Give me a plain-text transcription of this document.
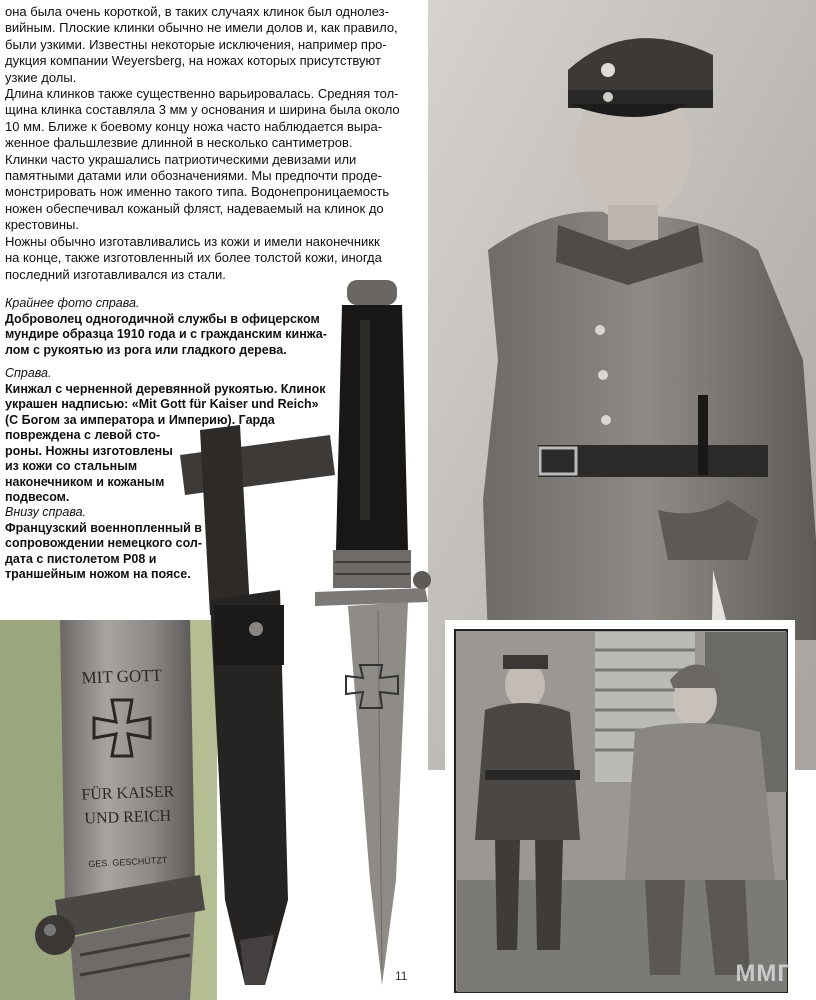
она была очень короткой, в таких случаях клинок был однолез-
вийным. Плоские клинки обычно не имели долов и, как правило,
были узкими. Известны некоторые исключения, например про-
дукция компании Weyersberg, на ножах которых присутствуют
узкие долы.

Длина клинков также существенно варьировалась. Средняя тол-
щина клинка составляла 3 мм у основания и ширина была около
10 мм. Ближе к боевому концу ножа часто наблюдается выра-
женное фальшлезвие длинной в несколько сантиметров.

Клинки часто украшались патриотическими девизами или
памятными датами или обозначениями. Мы предпочти проде-
монстрировать нож именно такого типа. Водонепроницаемость
ножен обеспечивал кожаный фляст, надеваемый на клинок до
крестовины.

Ножны обычно изготавливались из кожи и имели наконечникк
на конце, также изготовленный их более толстой кожи, иногда
последний изготавливался из стали.

Крайнее фото справа.
Доброволец одногодичной службы в офицерском
мундире образца 1910 года и с гражданским кинжа-
лом с рукоятью из рога или гладкого дерева.
Справа.
Кинжал с черненной деревянной рукоятью. Клинок
украшен надписью: «Mit Gott für Kaiser und Reich»
(С Богом за императора и Империю). Гарда
повреждена с левой сто-
роны. Ножны изготовлены
из кожи со стальным
наконечником и кожаным
подвесом.
Внизу справа.
Французский военнопленный в
сопровождении немецкого сол-
дата с пистолетом P08 и
траншейным ножом на поясе.
MIT GOTT
FÜR KAISER
UND REICH
GES. GESCHÜTZT
11	ММГ
